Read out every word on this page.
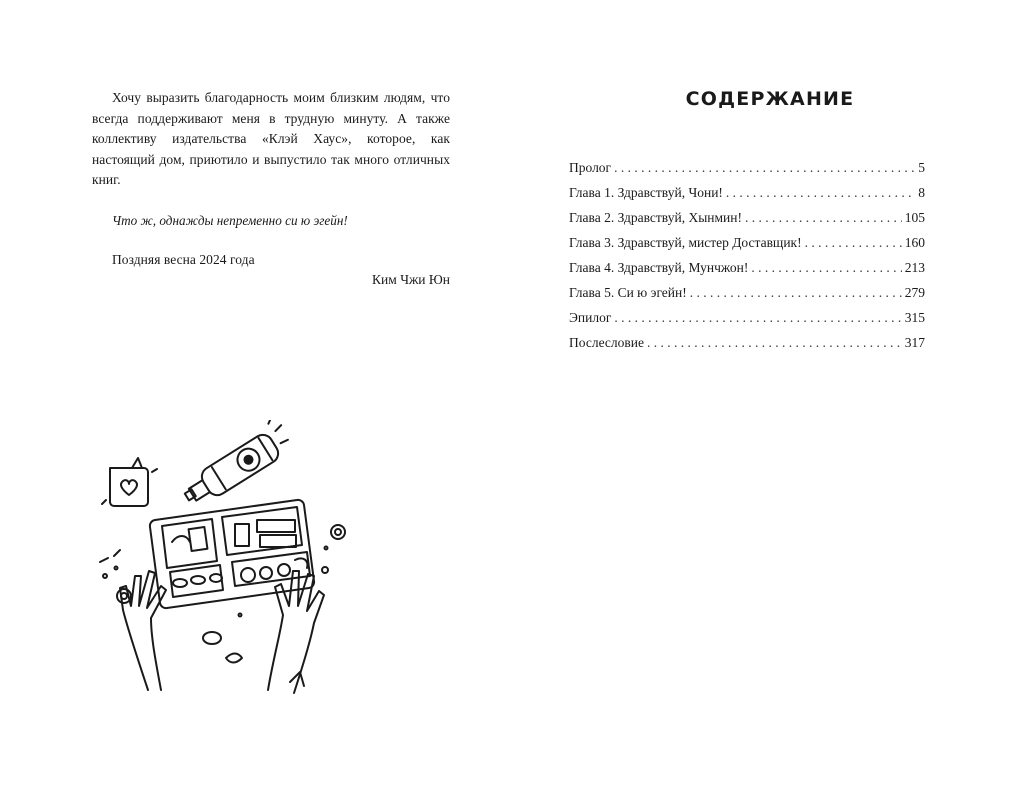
Хочу выразить благодарность моим близким людям, что всегда поддерживают меня в трудную минуту. А также коллективу издательства «Клэй Хаус», которое, как настоящий дом, приютило и выпустило так много отличных книг.

Что ж, однажды непременно си ю эгейн!

Поздняя весна 2024 года

Ким Чжи Юн

СОДЕРЖАНИЕ
Пролог . . .	5
Глава 1. Здравствуй, Чони! . . .	8
Глава 2. Здравствуй, Хынмин! . . .	105
Глава 3. Здравствуй, мистер Доставщик! . . .	160
Глава 4. Здравствуй, Мунчжон! . . .	213
Глава 5. Си ю эгейн! . . .	279
Эпилог . . .	315
Послесловие . . .	317
